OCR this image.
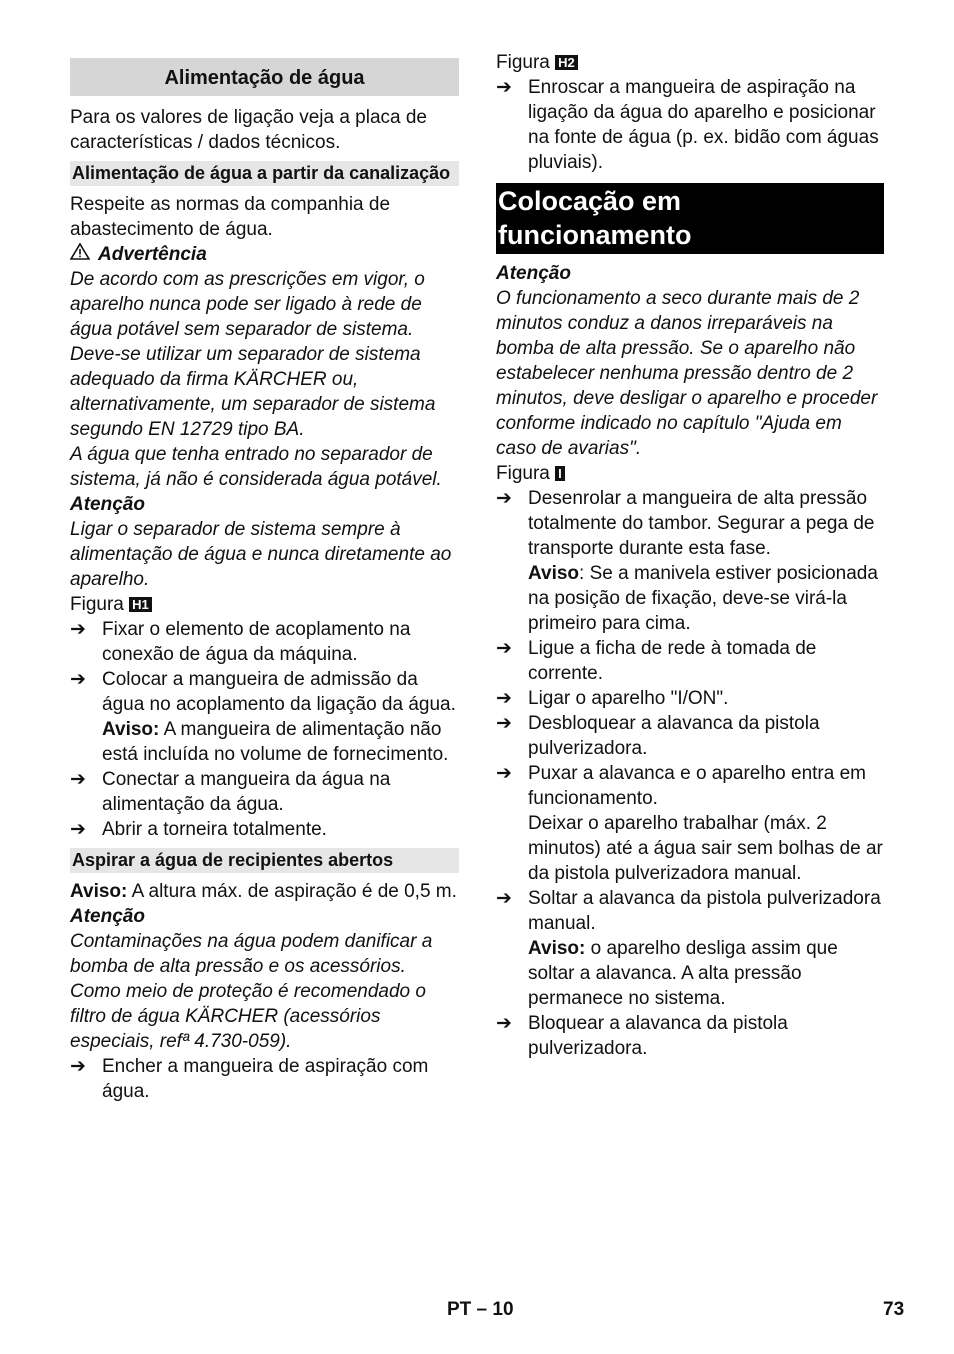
Alimentação de água

Para os valores de ligação veja a placa de características / dados técnicos.

Alimentação de água a partir da canalização

Respeite as normas da companhia de abastecimento de água.

Advertência

De acordo com as prescrições em vigor, o aparelho nunca pode ser ligado à rede de água potável sem separador de sistema. Deve-se utilizar um separador de sistema adequado da firma KÄRCHER ou, alternativamente, um separador de sistema segundo EN 12729 tipo BA.

A água que tenha entrado no separador de sistema, já não é considerada água potável.

Atenção

Ligar o separador de sistema sempre à alimentação de água e nunca diretamente ao aparelho.

Figura H1

➔ Fixar o elemento de acoplamento na conexão de água da máquina.
➔ Colocar a mangueira de admissão da água no acoplamento da ligação da água.
Aviso: A mangueira de alimentação não está incluída no volume de fornecimento.
➔ Conectar a mangueira da água na alimentação da água.
➔ Abrir a torneira totalmente.
Aspirar a água de recipientes abertos

Aviso: A altura máx. de aspiração é de 0,5 m.

Atenção

Contaminações na água podem danificar a bomba de alta pressão e os acessórios. Como meio de proteção é recomendado o filtro de água KÄRCHER (acessórios especiais, refª 4.730-059).

➔ Encher a mangueira de aspiração com água.

Figura H2

➔ Enroscar a mangueira de aspiração na ligação da água do aparelho e posicionar na fonte de água (p. ex. bidão com águas pluviais).
Colocação em funcionamento

Atenção

O funcionamento a seco durante mais de 2 minutos conduz a danos irreparáveis na bomba de alta pressão. Se o aparelho não estabelecer nenhuma pressão dentro de 2 minutos, deve desligar o aparelho e proceder conforme indicado no capítulo "Ajuda em caso de avarias".

Figura I

➔ Desenrolar a mangueira de alta pressão totalmente do tambor. Segurar a pega de transporte durante esta fase.
Aviso: Se a manivela estiver posicionada na posição de fixação, deve-se virá-la primeiro para cima.
➔ Ligue a ficha de rede à tomada de corrente.
➔ Ligar o aparelho "I/ON".
➔ Desbloquear a alavanca da pistola pulverizadora.
➔ Puxar a alavanca e o aparelho entra em funcionamento.
Deixar o aparelho trabalhar (máx. 2 minutos) até a água sair sem bolhas de ar da pistola pulverizadora manual.
➔ Soltar a alavanca da pistola pulverizadora manual.
Aviso: o aparelho desliga assim que soltar a alavanca. A alta pressão permanece no sistema.
➔ Bloquear a alavanca da pistola pulverizadora.
PT – 10	73
